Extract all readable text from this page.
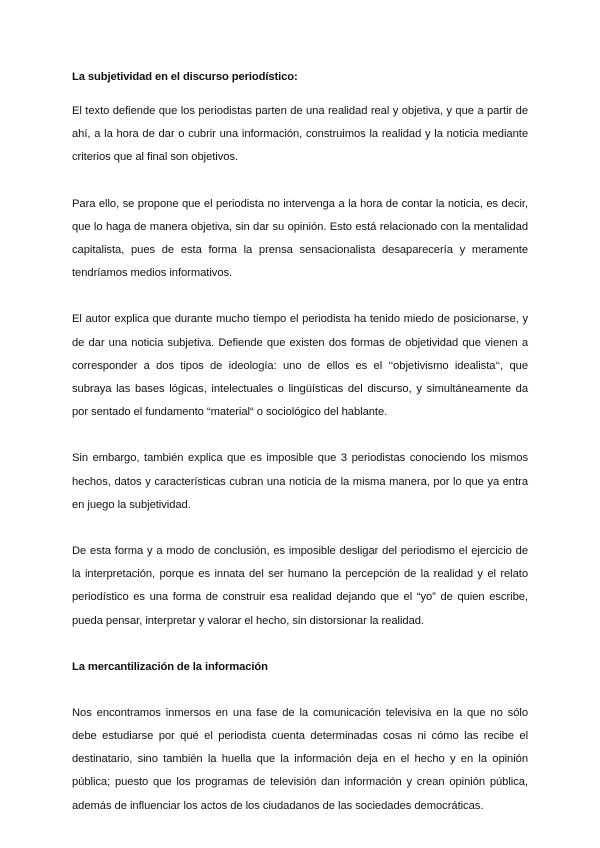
La subjetividad en el discurso periodístico:

El texto defiende que los periodistas parten de una realidad real y objetiva, y que a partir de ahí, a la hora de dar o cubrir una información, construimos la realidad y la noticia mediante criterios que al final son objetivos.

Para ello, se propone que el periodista no intervenga a la hora de contar la noticia, es decir, que lo haga de manera objetiva, sin dar su opinión. Esto está relacionado con la mentalidad capitalista, pues de esta forma la prensa sensacionalista desaparecería y meramente tendríamos medios informativos.

El autor explica que durante mucho tiempo el periodista ha tenido miedo de posicionarse, y de dar una noticia subjetiva. Defiende que existen dos formas de objetividad que vienen a corresponder a dos tipos de ideología: uno de ellos es el ‘‘objetivismo idealista‘‘, que subraya las bases lógicas, intelectuales o lingüísticas del discurso, y simultáneamente da por sentado el fundamento “material“ o sociológico del hablante.

Sin embargo, también explica que es imposible que 3 periodistas conociendo los mismos hechos, datos y características cubran una noticia de la misma manera, por lo que ya entra en juego la subjetividad.

De esta forma y a modo de conclusión, es imposible desligar del periodismo el ejercicio de la interpretación, porque es innata del ser humano la percepción de la realidad y el relato periodístico es una forma de construir esa realidad dejando que el “yo” de quien escribe, pueda pensar, interpretar y valorar el hecho, sin distorsionar la realidad.

La mercantilización de la información

Nos encontramos inmersos en una fase de la comunicación televisiva en la que no sólo debe estudiarse por qué el periodista cuenta determinadas cosas ni cómo las recibe el destinatario, sino también la huella que la información deja en el hecho y en la opinión pública; puesto que los programas de televisión dan información y crean opinión pública, además de influenciar los actos de los ciudadanos de las sociedades democráticas.
